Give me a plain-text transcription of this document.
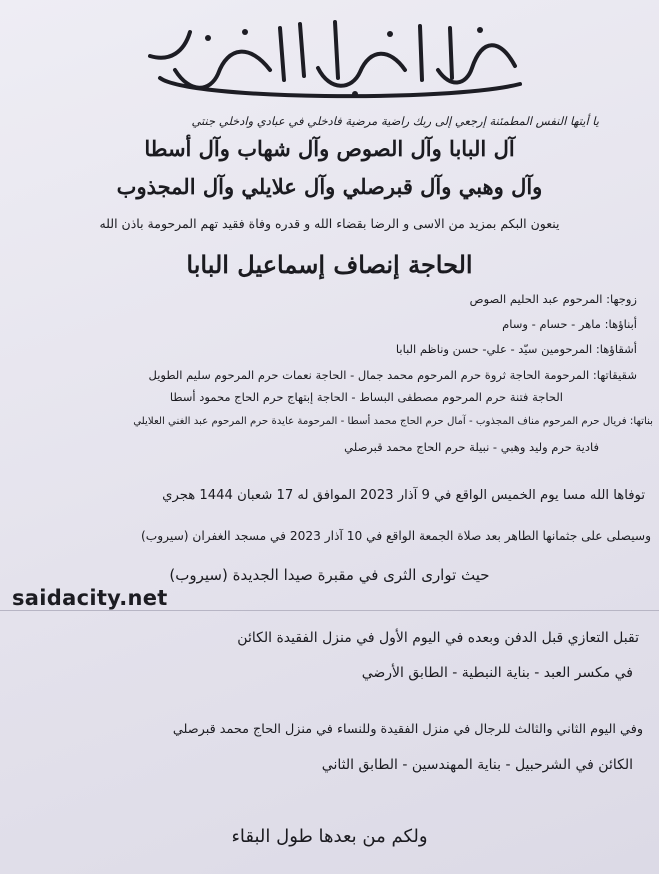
يا أيتها النفس المطمئنة إرجعي إلى ربك راضية مرضية فادخلي في عبادي وادخلي جنتي
آل البابا وآل الصوص وآل شهاب وآل أسطا
وآل وهبي وآل قبرصلي وآل علايلي وآل المجذوب
ينعون البكم بمزيد من الاسى و الرضا بقضاء الله و قدره وفاة فقيد تهم المرحومة باذن الله
الحاجة إنصاف إسماعيل البابا
زوجها: المرحوم عبد الحليم الصوص
أبناؤها: ماهر - حسام - وسام
أشقاؤها: المرحومين سيّد - علي- حسن وناظم البابا
شقيقاتها: المرحومة الحاجة ثروة حرم المرحوم محمد جمال - الحاجة نعمات حرم المرحوم سليم الطويل
الحاجة فتنة حرم المرحوم مصطفى البساط - الحاجة إبتهاج حرم الحاج محمود أسطا
بناتها: فريال حرم المرحوم مناف المجذوب - آمال حرم الحاج محمد أسطا - المرحومة عايدة حرم المرحوم عبد الغني العلايلي
فادية حرم وليد وهبي - نبيلة حرم الحاج محمد قبرصلي
توفاها الله مسا يوم الخميس الواقع في 9 آذار 2023 الموافق له 17 شعبان 1444 هجري
وسيصلى على جثمانها الطاهر بعد صلاة الجمعة الواقع في 10 آذار 2023 في مسجد الغفران (سيروب)
حيث توارى الثرى في مقبرة صيدا الجديدة (سيروب)
saidacity.net
تقبل التعازي قبل الدفن وبعده في اليوم الأول في منزل الفقيدة الكائن
في مكسر العبد - بناية النبطية - الطابق الأرضي
وفي اليوم الثاني والثالث للرجال في منزل الفقيدة وللنساء في منزل الحاج محمد قبرصلي
الكائن في الشرحبيل - بناية المهندسين - الطابق الثاني
ولكم من بعدها طول البقاء
